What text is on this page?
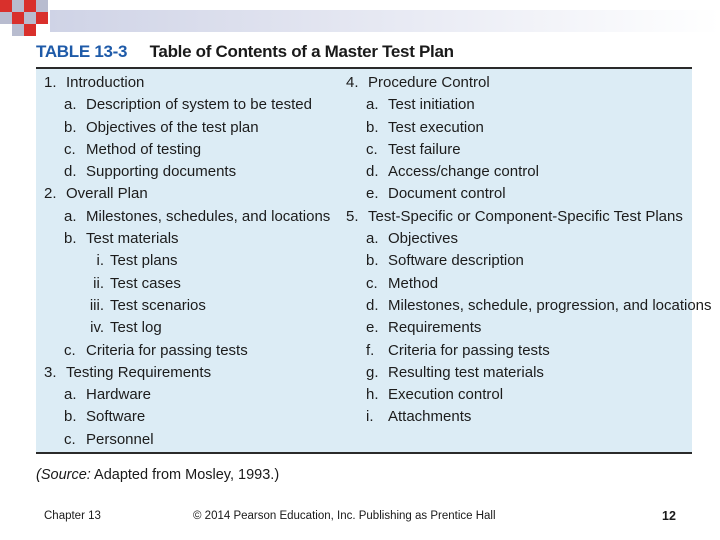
TABLE 13-3 Table of Contents of a Master Test Plan
1. Introduction
a. Description of system to be tested
b. Objectives of the test plan
c. Method of testing
d. Supporting documents
2. Overall Plan
a. Milestones, schedules, and locations
b. Test materials
i. Test plans
ii. Test cases
iii. Test scenarios
iv. Test log
c. Criteria for passing tests
3. Testing Requirements
a. Hardware
b. Software
c. Personnel
4. Procedure Control
a. Test initiation
b. Test execution
c. Test failure
d. Access/change control
e. Document control
5. Test-Specific or Component-Specific Test Plans
a. Objectives
b. Software description
c. Method
d. Milestones, schedule, progression, and locations
e. Requirements
f. Criteria for passing tests
g. Resulting test materials
h. Execution control
i. Attachments
(Source: Adapted from Mosley, 1993.)
Chapter 13	© 2014 Pearson Education, Inc. Publishing as Prentice Hall	12
